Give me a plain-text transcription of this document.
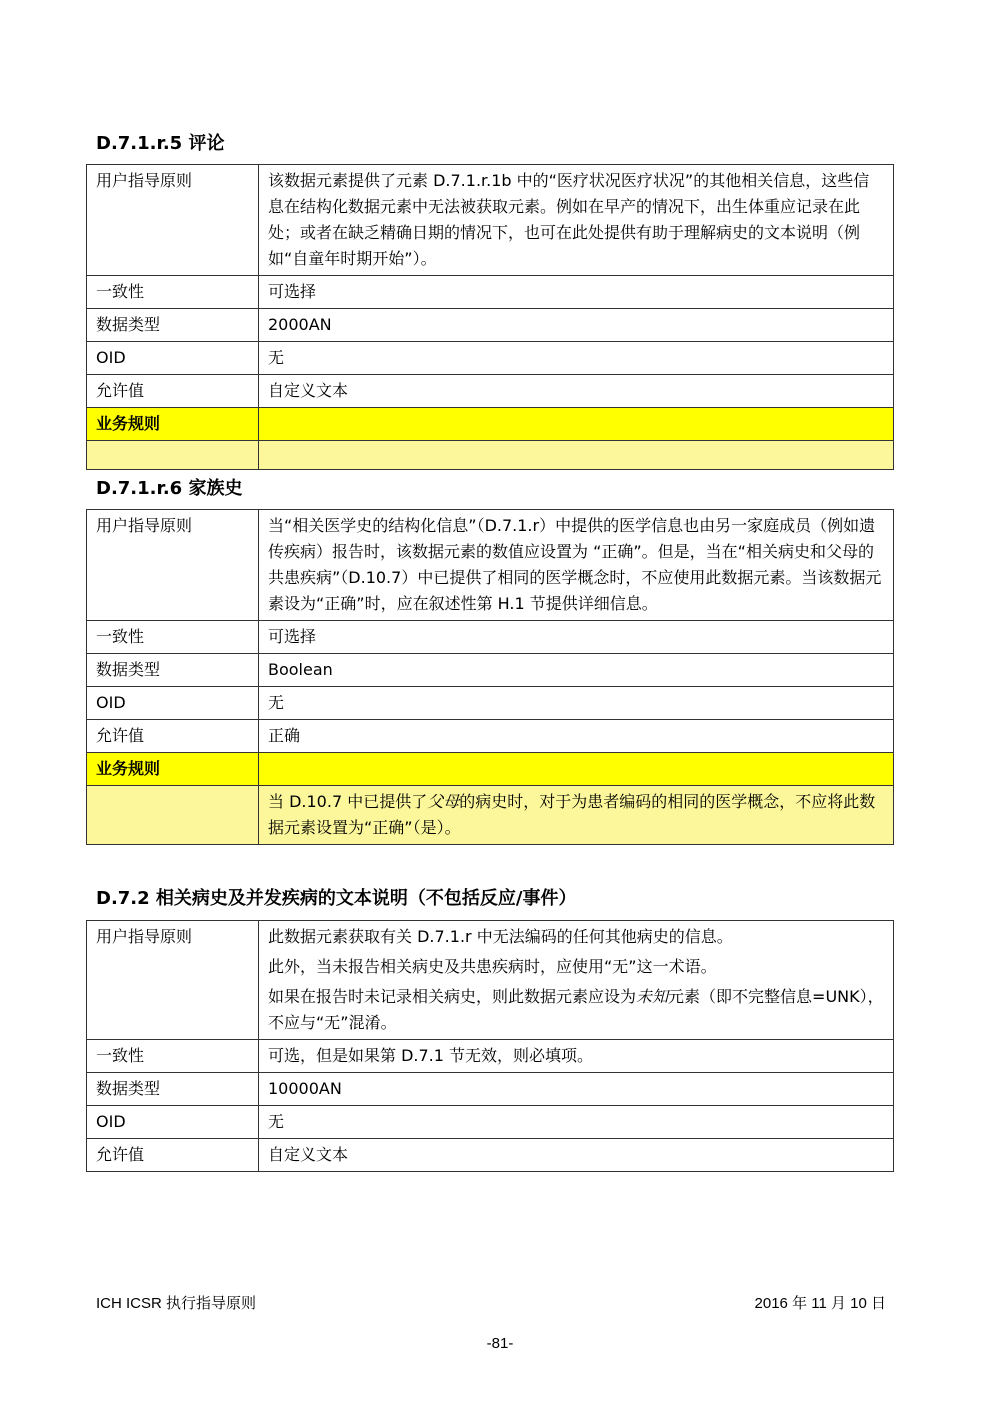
D.7.1.r.5 评论
用户指导原则	该数据元素提供了元素 D.7.1.r.1b 中的“医疗状况医疗状况”的其他相关信息，这些信息在结构化数据元素中无法被获取元素。例如在早产的情况下，出生体重应记录在此处；或者在缺乏精确日期的情况下，也可在此处提供有助于理解病史的文本说明（例如“自童年时期开始”）。

一致性	可选择
数据类型	2000AN
OID	无
允许值	自定义文本
业务规则	

D.7.1.r.6 家族史
用户指导原则	当“相关医学史的结构化信息”（D.7.1.r）中提供的医学信息也由另一家庭成员（例如遗传疾病）报告时，该数据元素的数值应设置为 “正确”。但是，当在“相关病史和父母的共患疾病”（D.10.7）中已提供了相同的医学概念时，不应使用此数据元素。当该数据元素设为“正确”时，应在叙述性第 H.1 节提供详细信息。

一致性	可选择
数据类型	Boolean
OID	无
允许值	正确
业务规则	
	当 D.10.7 中已提供了父母的病史时，对于为患者编码的相同的医学概念，不应将此数据元素设置为“正确”（是）。
D.7.2 相关病史及并发疾病的文本说明（不包括反应/事件）
用户指导原则	此数据元素获取有关 D.7.1.r 中无法编码的任何其他病史的信息。

此外，当未报告相关病史及共患疾病时，应使用“无”这一术语。

如果在报告时未记录相关病史，则此数据元素应设为未知元素（即不完整信息=UNK），不应与“无”混淆。

一致性	可选，但是如果第 D.7.1 节无效，则必填项。
数据类型	10000AN
OID	无
允许值	自定义文本
ICH ICSR 执行指导原则	2016 年 11 月 10 日
-81-
